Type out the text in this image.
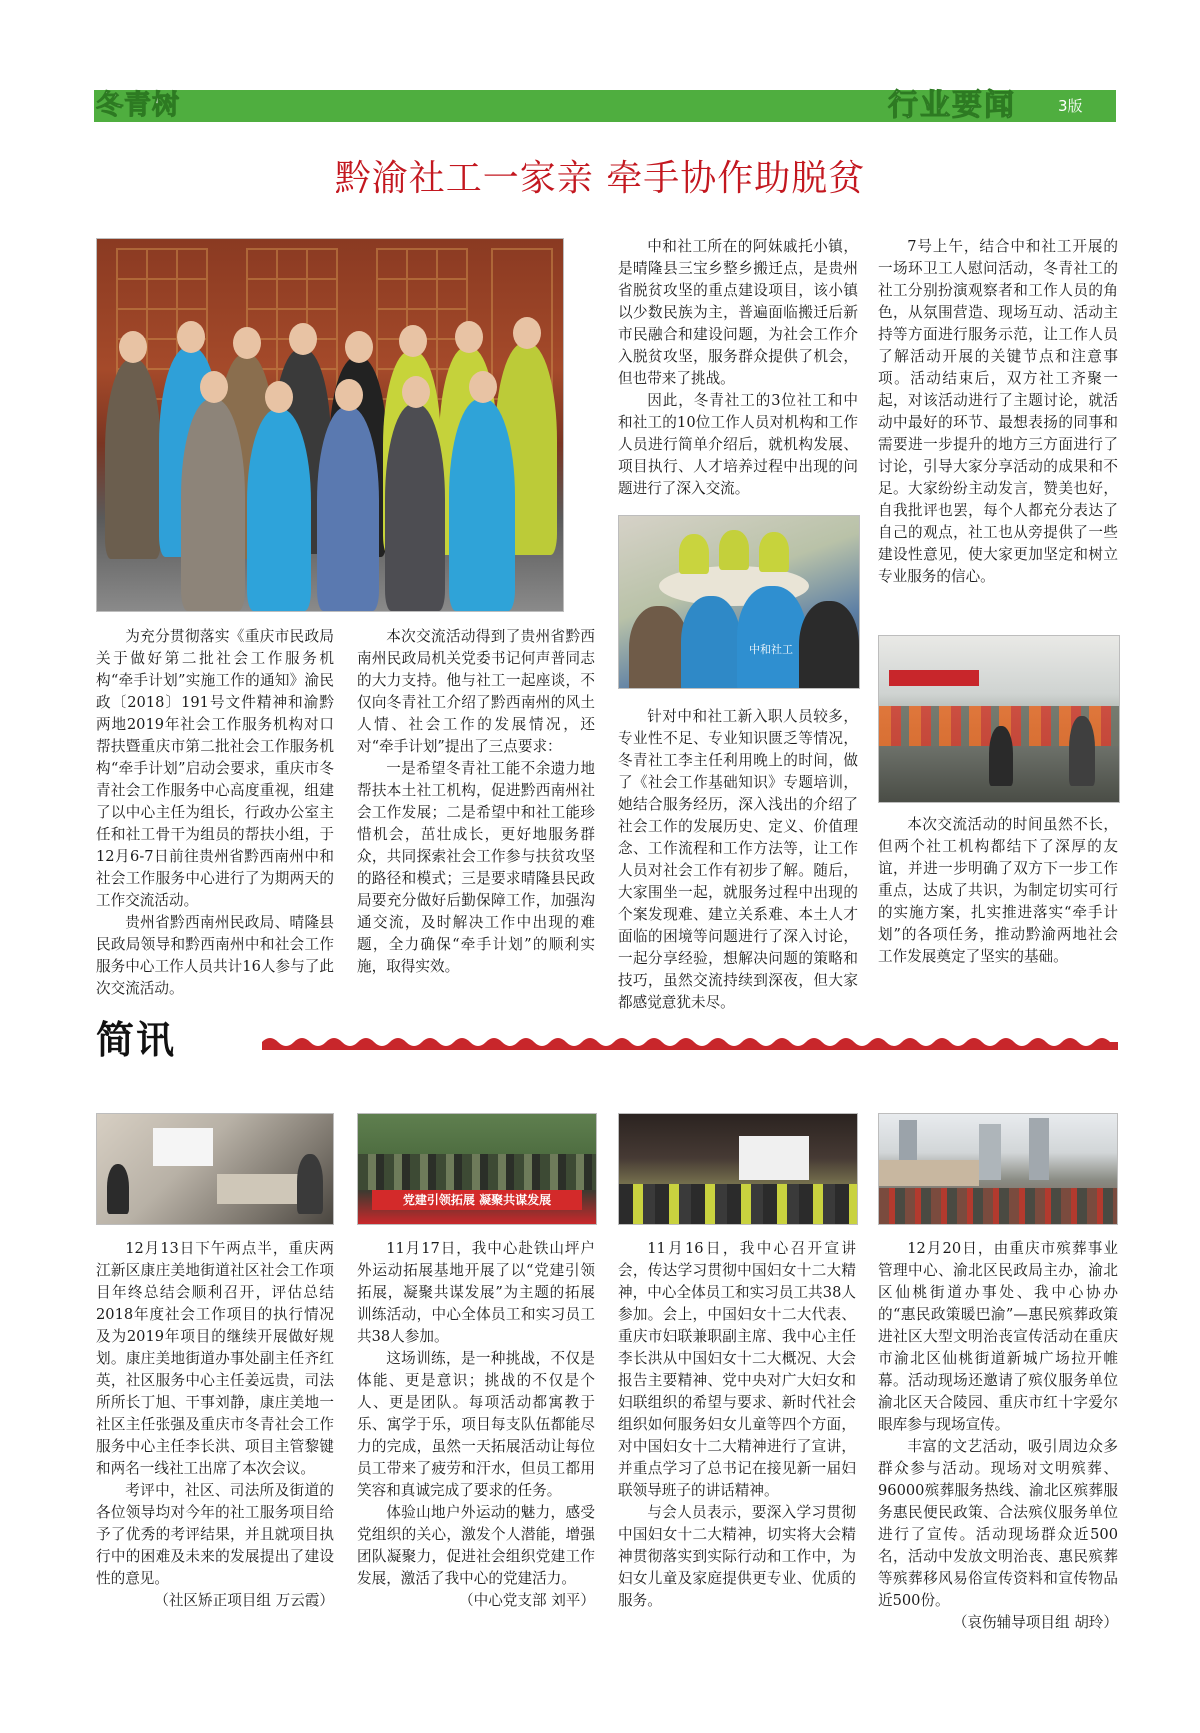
冬青树	行业要闻	3版
黔渝社工一家亲 牵手协作助脱贫

为充分贯彻落实《重庆市民政局关于做好第二批社会工作服务机构“牵手计划”实施工作的通知》渝民政〔2018〕191号文件精神和渝黔两地2019年社会工作服务机构对口帮扶暨重庆市第二批社会工作服务机构“牵手计划”启动会要求，重庆市冬青社会工作服务中心高度重视，组建了以中心主任为组长，行政办公室主任和社工骨干为组员的帮扶小组，于12月6-7日前往贵州省黔西南州中和社会工作服务中心进行了为期两天的工作交流活动。

贵州省黔西南州民政局、晴隆县民政局领导和黔西南州中和社会工作服务中心工作人员共计16人参与了此次交流活动。

本次交流活动得到了贵州省黔西南州民政局机关党委书记何声普同志的大力支持。他与社工一起座谈，不仅向冬青社工介绍了黔西南州的风土人情、社会工作的发展情况，还对“牵手计划”提出了三点要求：

一是希望冬青社工能不余遗力地帮扶本土社工机构，促进黔西南州社会工作发展；二是希望中和社工能珍惜机会，茁壮成长，更好地服务群众，共同探索社会工作参与扶贫攻坚的路径和模式；三是要求晴隆县民政局要充分做好后勤保障工作，加强沟通交流，及时解决工作中出现的难题，全力确保“牵手计划”的顺利实施，取得实效。

中和社工所在的阿妹戚托小镇，是晴隆县三宝乡整乡搬迁点，是贵州省脱贫攻坚的重点建设项目，该小镇以少数民族为主，普遍面临搬迁后新市民融合和建设问题，为社会工作介入脱贫攻坚，服务群众提供了机会，但也带来了挑战。

因此，冬青社工的3位社工和中和社工的10位工作人员对机构和工作人员进行简单介绍后，就机构发展、项目执行、人才培养过程中出现的问题进行了深入交流。

中和社工

针对中和社工新入职人员较多，专业性不足、专业知识匮乏等情况，冬青社工李主任利用晚上的时间，做了《社会工作基础知识》专题培训，她结合服务经历，深入浅出的介绍了社会工作的发展历史、定义、价值理念、工作流程和工作方法等，让工作人员对社会工作有初步了解。随后，大家围坐一起，就服务过程中出现的个案发现难、建立关系难、本土人才面临的困境等问题进行了深入讨论，一起分享经验，想解决问题的策略和技巧，虽然交流持续到深夜，但大家都感觉意犹未尽。

7号上午，结合中和社工开展的一场环卫工人慰问活动，冬青社工的社工分别扮演观察者和工作人员的角色，从氛围营造、现场互动、活动主持等方面进行服务示范，让工作人员了解活动开展的关键节点和注意事项。活动结束后，双方社工齐聚一起，对该活动进行了主题讨论，就活动中最好的环节、最想表扬的同事和需要进一步提升的地方三方面进行了讨论，引导大家分享活动的成果和不足。大家纷纷主动发言，赞美也好，自我批评也罢，每个人都充分表达了自己的观点，社工也从旁提供了一些建设性意见，使大家更加坚定和树立专业服务的信心。

本次交流活动的时间虽然不长，但两个社工机构都结下了深厚的友谊，并进一步明确了双方下一步工作重点，达成了共识，为制定切实可行的实施方案，扎实推进落实“牵手计划”的各项任务，推动黔渝两地社会工作发展奠定了坚实的基础。

简讯
党建引领拓展 凝聚共谋发展

12月13日下午两点半，重庆两江新区康庄美地街道社区社会工作项目年终总结会顺利召开，评估总结2018年度社会工作项目的执行情况及为2019年项目的继续开展做好规划。康庄美地街道办事处副主任齐红英，社区服务中心主任姜远贵，司法所所长丁旭、干事刘静，康庄美地一社区主任张强及重庆市冬青社会工作服务中心主任李长洪、项目主管黎键和两名一线社工出席了本次会议。

考评中，社区、司法所及街道的各位领导均对今年的社工服务项目给予了优秀的考评结果，并且就项目执行中的困难及未来的发展提出了建设性的意见。

（社区矫正项目组 万云霞）

11月17日，我中心赴铁山坪户外运动拓展基地开展了以“党建引领拓展，凝聚共谋发展”为主题的拓展训练活动，中心全体员工和实习员工共38人参加。

这场训练，是一种挑战，不仅是体能、更是意识；挑战的不仅是个人、更是团队。每项活动都寓教于乐、寓学于乐，项目每支队伍都能尽力的完成，虽然一天拓展活动让每位员工带来了疲劳和汗水，但员工都用笑容和真诚完成了要求的任务。

体验山地户外运动的魅力，感受党组织的关心，激发个人潜能，增强团队凝聚力，促进社会组织党建工作发展，激活了我中心的党建活力。

（中心党支部 刘平）

11月16日，我中心召开宣讲会，传达学习贯彻中国妇女十二大精神，中心全体员工和实习员工共38人参加。会上，中国妇女十二大代表、重庆市妇联兼职副主席、我中心主任李长洪从中国妇女十二大概况、大会报告主要精神、党中央对广大妇女和妇联组织的希望与要求、新时代社会组织如何服务妇女儿童等四个方面，对中国妇女十二大精神进行了宣讲，并重点学习了总书记在接见新一届妇联领导班子的讲话精神。

与会人员表示，要深入学习贯彻中国妇女十二大精神，切实将大会精神贯彻落实到实际行动和工作中，为妇女儿童及家庭提供更专业、优质的服务。

12月20日，由重庆市殡葬事业管理中心、渝北区民政局主办，渝北区仙桃街道办事处、我中心协办的“惠民政策暖巴渝”—惠民殡葬政策进社区大型文明治丧宣传活动在重庆市渝北区仙桃街道新城广场拉开帷幕。活动现场还邀请了殡仪服务单位渝北区天合陵园、重庆市红十字爱尔眼库参与现场宣传。

丰富的文艺活动，吸引周边众多群众参与活动。现场对文明殡葬、96000殡葬服务热线、渝北区殡葬服务惠民便民政策、合法殡仪服务单位进行了宣传。活动现场群众近500名，活动中发放文明治丧、惠民殡葬等殡葬移风易俗宣传资料和宣传物品近500份。

（哀伤辅导项目组 胡玲）
